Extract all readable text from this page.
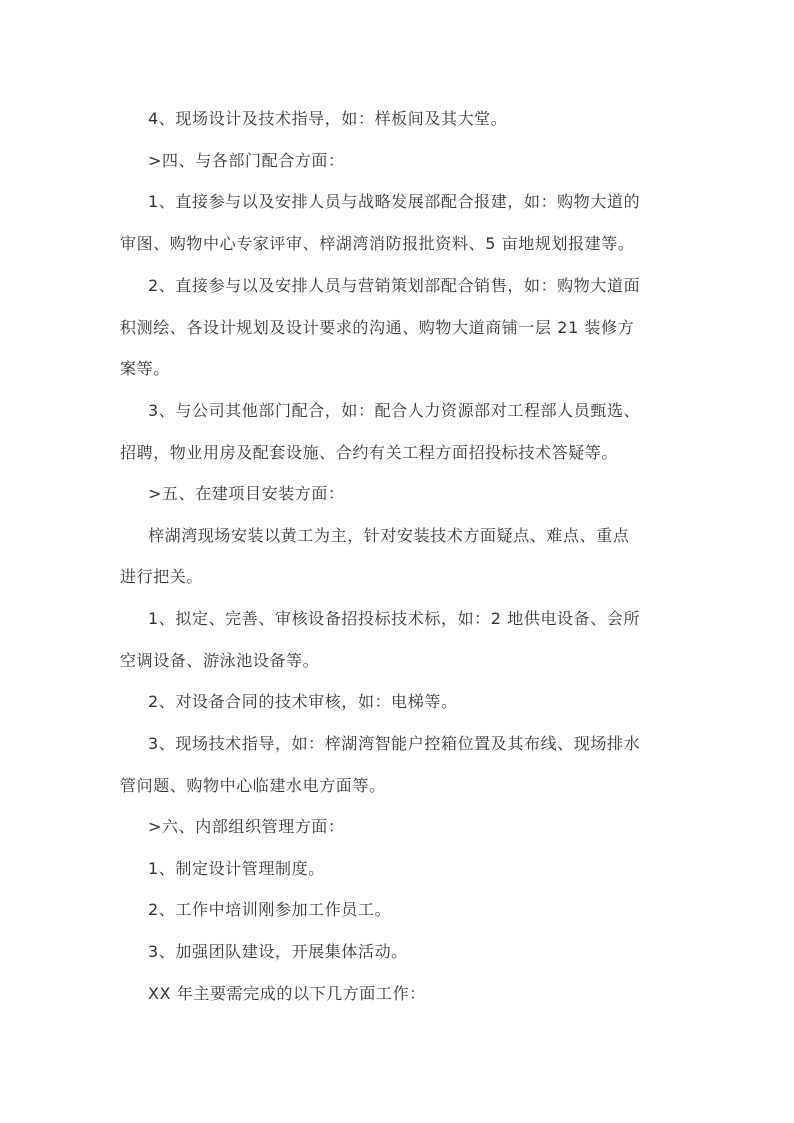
4、现场设计及技术指导，如：样板间及其大堂。
>四、与各部门配合方面：
1、直接参与以及安排人员与战略发展部配合报建，如：购物大道的
审图、购物中心专家评审、梓湖湾消防报批资料、5 亩地规划报建等。
2、直接参与以及安排人员与营销策划部配合销售，如：购物大道面
积测绘、各设计规划及设计要求的沟通、购物大道商铺一层 21 装修方
案等。
3、与公司其他部门配合，如：配合人力资源部对工程部人员甄选、
招聘，物业用房及配套设施、合约有关工程方面招投标技术答疑等。
>五、在建项目安装方面：
梓湖湾现场安装以黄工为主，针对安装技术方面疑点、难点、重点
进行把关。
1、拟定、完善、审核设备招投标技术标，如：2 地供电设备、会所
空调设备、游泳池设备等。
2、对设备合同的技术审核，如：电梯等。
3、现场技术指导，如：梓湖湾智能户控箱位置及其布线、现场排水
管问题、购物中心临建水电方面等。
>六、内部组织管理方面：
1、制定设计管理制度。
2、工作中培训刚参加工作员工。
3、加强团队建设，开展集体活动。
XX 年主要需完成的以下几方面工作：
